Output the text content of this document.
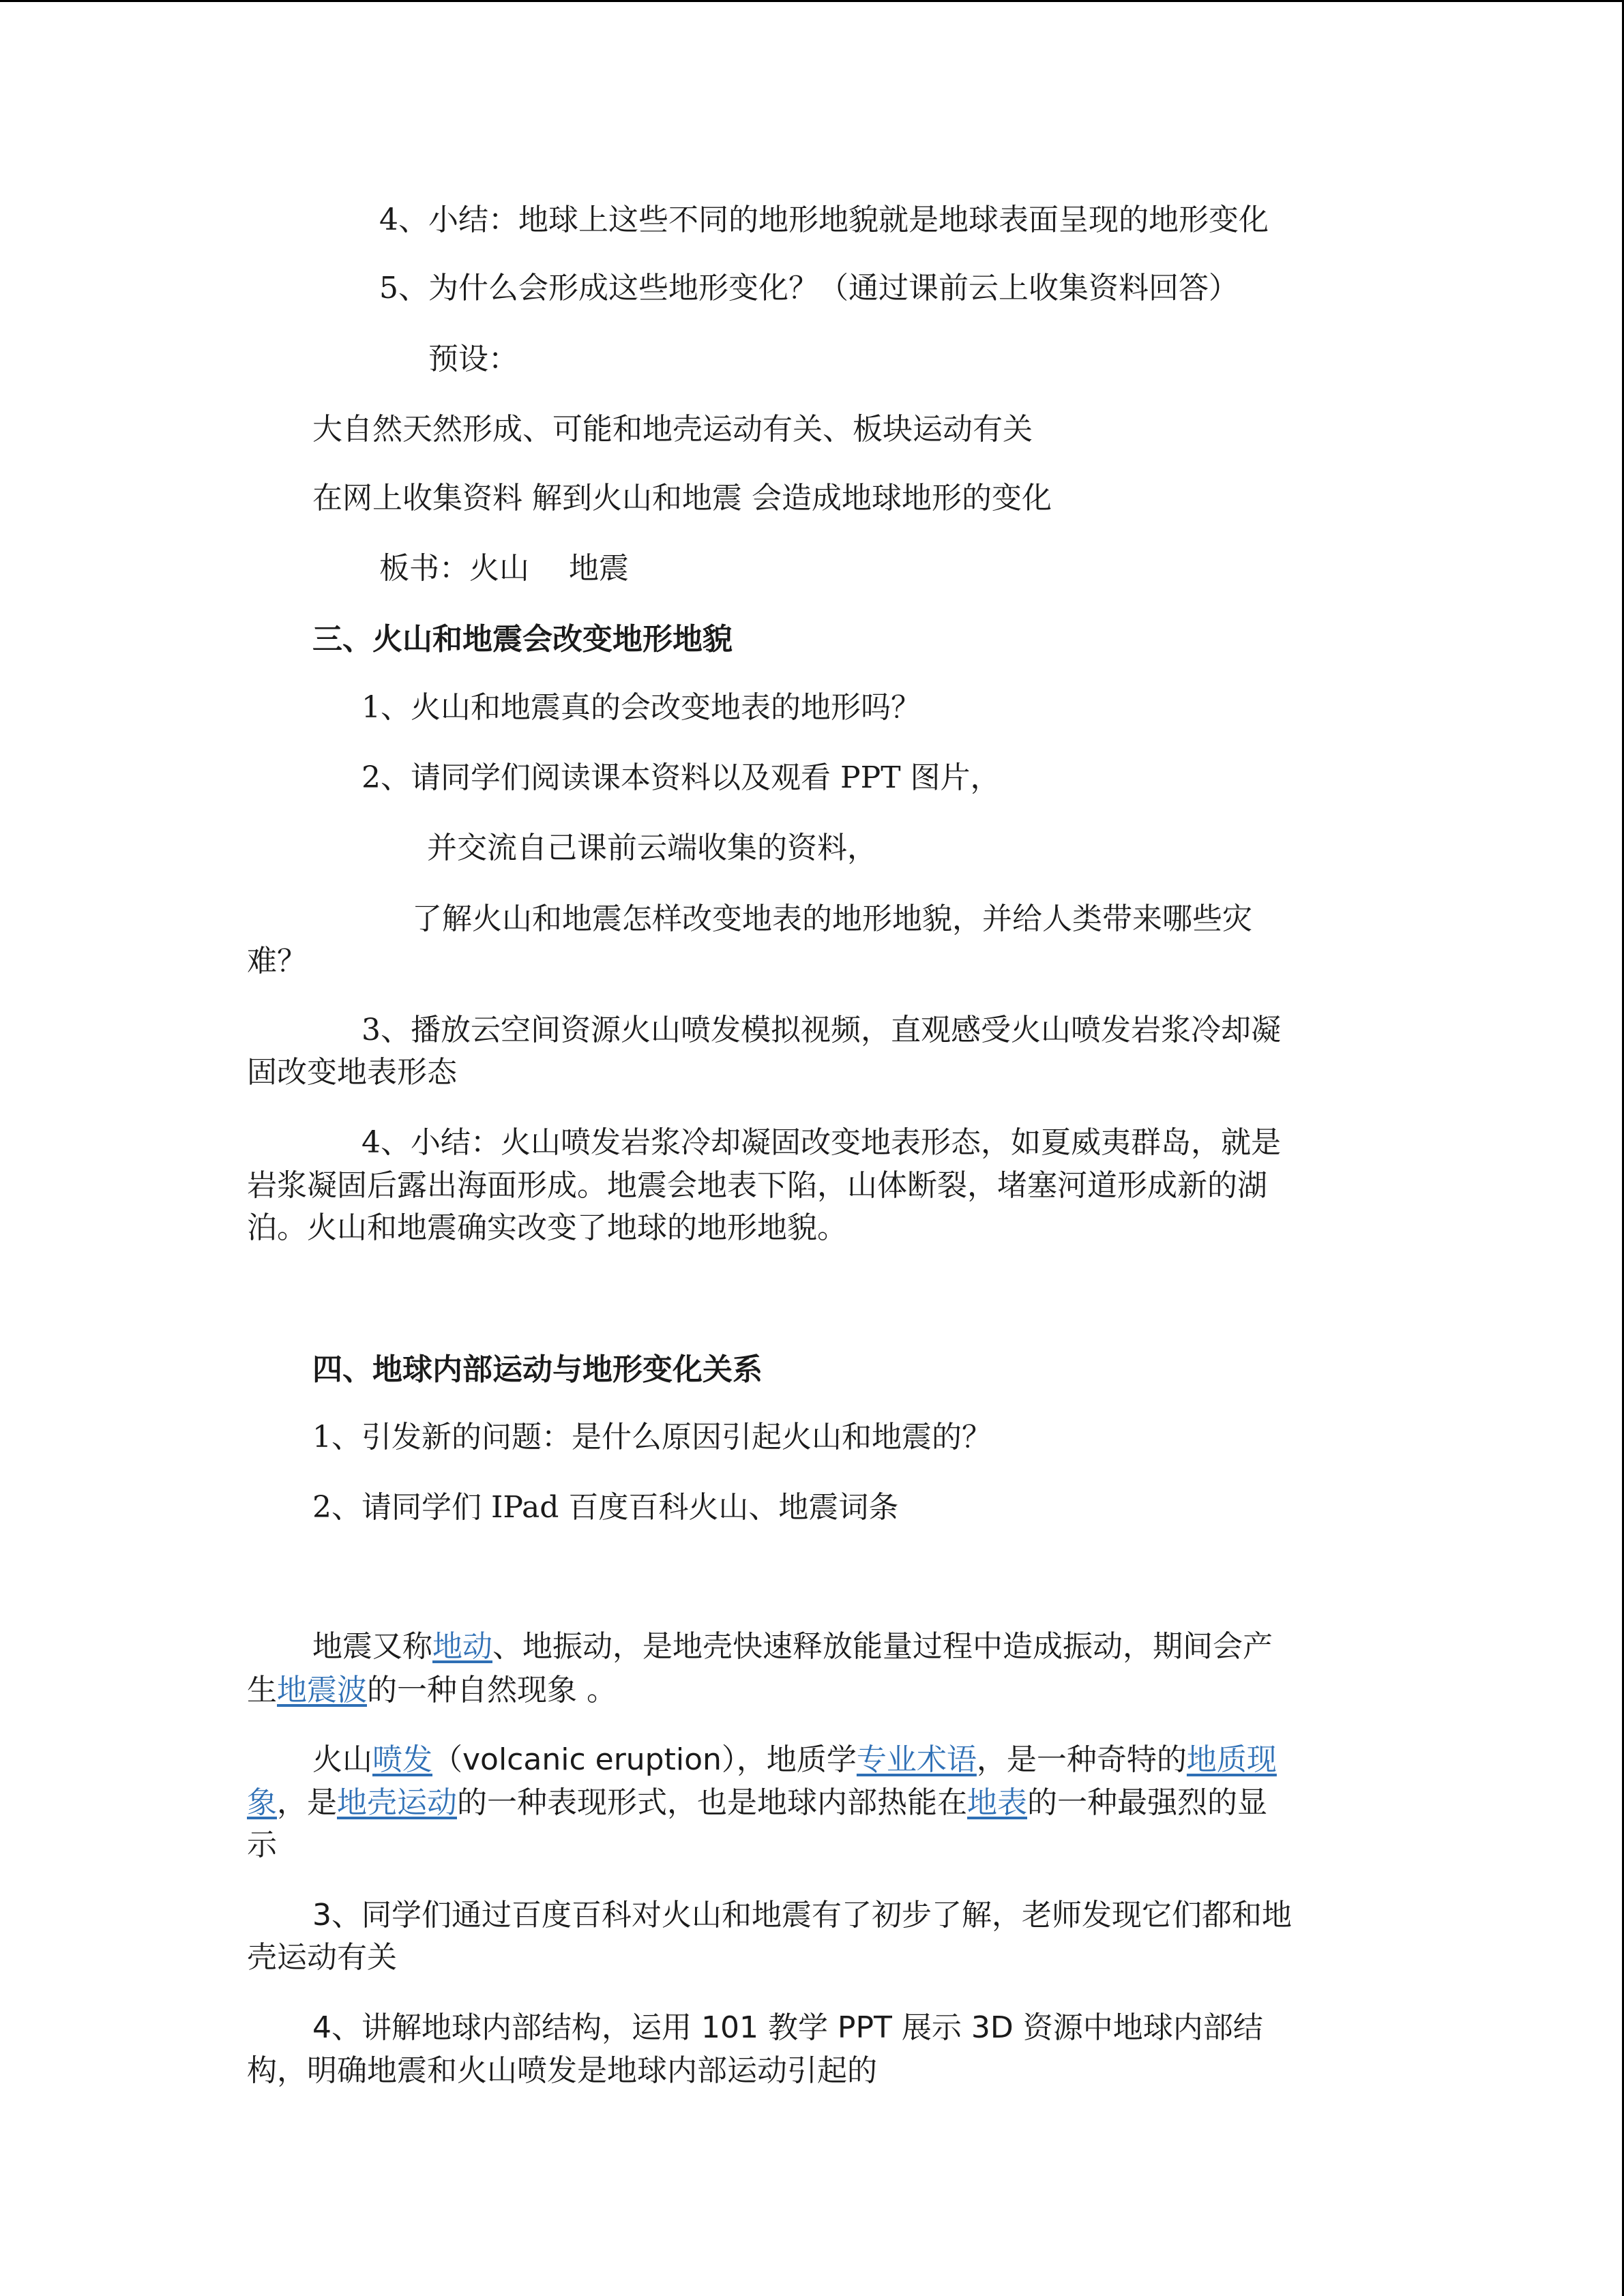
4、小结：地球上这些不同的地形地貌就是地球表面呈现的地形变化
5、为什么会形成这些地形变化？（通过课前云上收集资料回答）
预设：
大自然天然形成、可能和地壳运动有关、板块运动有关
在网上收集资料 解到火山和地震 会造成地球地形的变化
板书：火山　 地震
三、火山和地震会改变地形地貌
1、火山和地震真的会改变地表的地形吗？
2、请同学们阅读课本资料以及观看 PPT 图片，
并交流自己课前云端收集的资料，
了解火山和地震怎样改变地表的地形地貌，并给人类带来哪些灾
难？
3、播放云空间资源火山喷发模拟视频，直观感受火山喷发岩浆冷却凝
固改变地表形态
4、小结：火山喷发岩浆冷却凝固改变地表形态，如夏威夷群岛，就是
岩浆凝固后露出海面形成。地震会地表下陷，山体断裂，堵塞河道形成新的湖
泊。火山和地震确实改变了地球的地形地貌。
四、地球内部运动与地形变化关系
1、引发新的问题：是什么原因引起火山和地震的？
2、请同学们 IPad 百度百科火山、地震词条
地震又称地动、地振动，是地壳快速释放能量过程中造成振动，期间会产
生地震波的一种自然现象 。
火山喷发（volcanic eruption），地质学专业术语，是一种奇特的地质现
象，是地壳运动的一种表现形式，也是地球内部热能在地表的一种最强烈的显
示
3、同学们通过百度百科对火山和地震有了初步了解，老师发现它们都和地
壳运动有关
4、讲解地球内部结构，运用 101 教学 PPT 展示 3D 资源中地球内部结
构，明确地震和火山喷发是地球内部运动引起的
